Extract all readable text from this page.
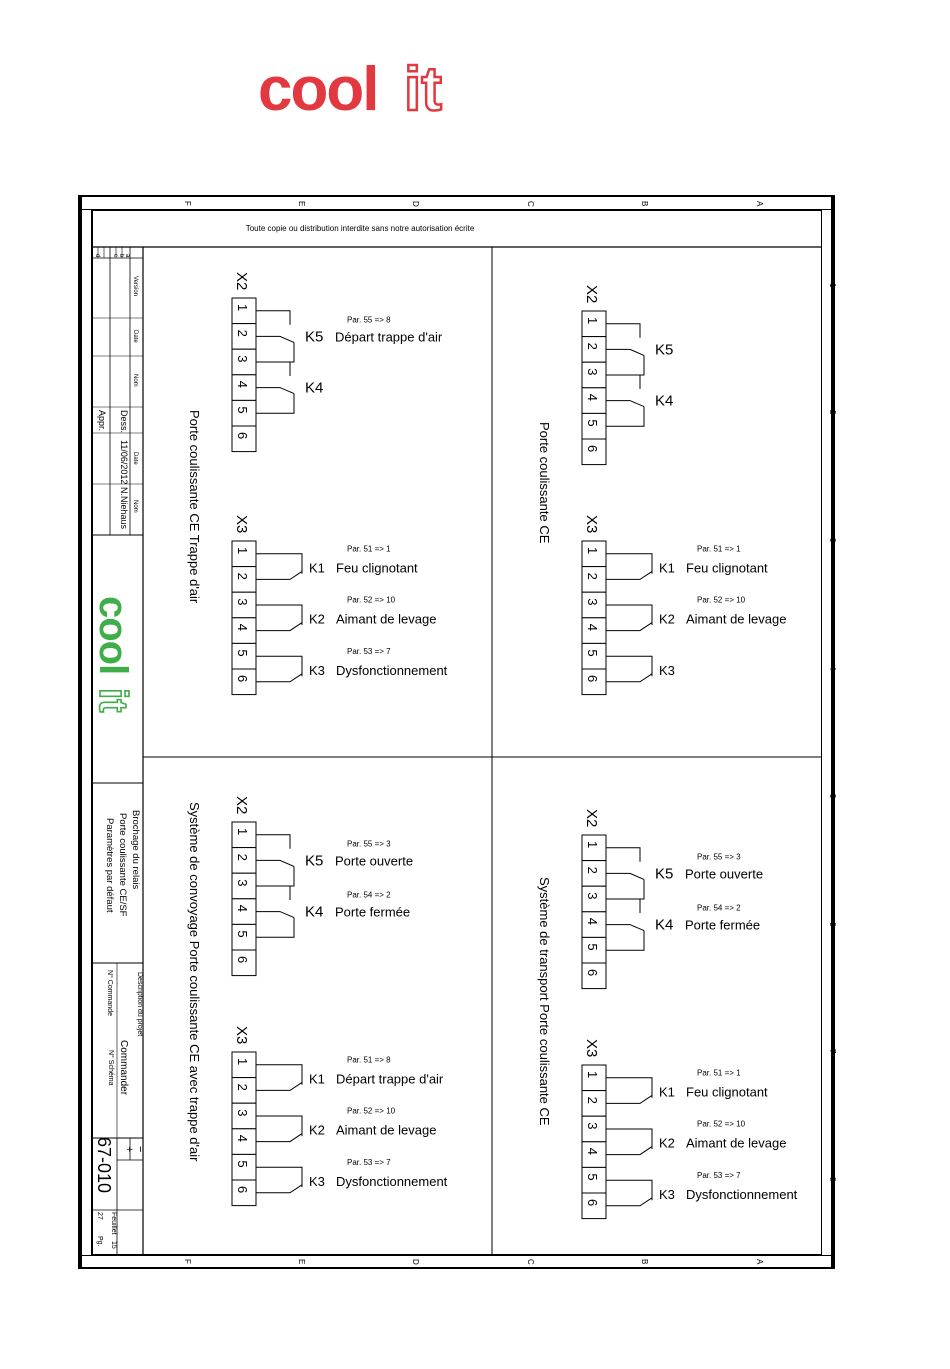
cool it
F	E	D	C	B	A
F	E	D	C	B	A
1
2
3
4
5
6
7
8
Toute copie ou distribution interdite sans notre autorisation écrite
a
b
c
d
Version
Date
Nom
Date
Nom
Dess.
Appr.
11/06/2012
N.Niehaus
cool
it
Brochage du relais
Porte coulissante CE/SF
Paramètres par défaut
Description du projet
N° Commande
N° Schéma Commander
=
+
67-010
Feuillet
15
27
Pg.
Porte coulissante CE Trappe d'air
X2
1
2
3
4
5
6
K5
Par. 55 => 8
Départ trappe d'air
K4
X3
1
2
3
4
5
6
K1
Par. 51 => 1
Feu clignotant
K2
Par. 52 => 10
Aimant de levage
K3
Par. 53 => 7
Dysfonctionnement
Porte coulissante CE
X2
1
2
3
4
5
6
K5
K4
X3
1
2
3
4
5
6
K1
Par. 51 => 1
Feu clignotant
K2
Par. 52 => 10
Aimant de levage
K3
Système de convoyage Porte coulissante CE avec trappe d'air X2
1
2
3
4
5
6
K5
Par. 55 => 3
Porte ouverte
K4
Par. 54 => 2
Porte fermée
X3
1
2
3
4
5
6
K1
Par. 51 => 8
Départ trappe d'air
K2
Par. 52 => 10
Aimant de levage
K3
Par. 53 => 7
Dysfonctionnement
Système de transport Porte coulissante CE
X2
1
2
3
4
5
6
K5
Par. 55 => 3
Porte ouverte
K4
Par. 54 => 2
Porte fermée
X3
1
2
3
4
5
6
K1
Par. 51 => 1
Feu clignotant
K2
Par. 52 => 10
Aimant de levage
K3
Par. 53 => 7
Dysfonctionnement
